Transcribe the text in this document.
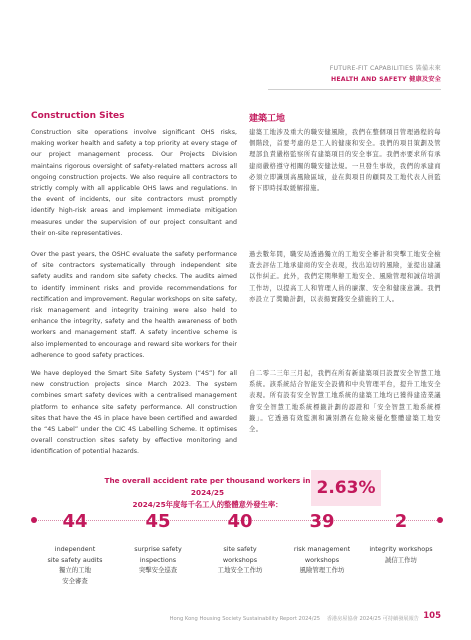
FUTURE-FIT CAPABILITIES 裝備未來
HEALTH AND SAFETY 健康及安全
Construction Sites	建築工地
Construction site operations involve significant OHS risks, making worker health and safety a top priority at every stage of our project management process. Our Projects Division maintains rigorous oversight of safety-related matters across all ongoing construction projects. We also require all contractors to strictly comply with all applicable OHS laws and regulations. In the event of incidents, our site contractors must promptly identify high-risk areas and implement immediate mitigation measures under the supervision of our project consultant and their on-site representatives.
Over the past years, the OSHC evaluate the safety performance of site contractors systematically through independent site safety audits and random site safety checks. The audits aimed to identify imminent risks and provide recommendations for rectification and improvement. Regular workshops on site safety, risk management and integrity training were also held to enhance the integrity, safety and the health awareness of both workers and management staff. A safety incentive scheme is also implemented to encourage and reward site workers for their adherence to good safety practices.
We have deployed the Smart Site Safety System (“4S”) for all new construction projects since March 2023. The system combines smart safety devices with a centralised management platform to enhance site safety performance. All construction sites that have the 4S in place have been certified and awarded the “4S Label” under the CIC 4S Labelling Scheme. It optimises overall construction sites safety by effective monitoring and identification of potential hazards.
建築工地涉及重大的職安健風險，我們在整個項目管理過程的每個階段，首要考慮的是工人的健康和安全。我們的項目策劃及管理部負責嚴格監察所有建築項目的安全事宜。我們亦要求所有承建商嚴格遵守相關的職安健法規。一旦發生事故，我們的承建商必須立即識別高風險區域，並在與項目的顧問及工地代表人員監督下即時採取緩解措施。
過去數年間，職安局透過獨立的工地安全審計和突擊工地安全檢查去評估工地承建商的安全表現，找出迫切的風險，並提出建議以作糾正。此外，我們定期舉辦工地安全、風險管理和誠信培訓工作坊，以提高工人和管理人員的廉潔、安全和健康意識。我們亦設立了獎勵計劃，以表揚實踐安全措施的工人。
自二零二三年三月起，我們在所有新建築項目設置安全智慧工地系統。該系統結合智能安全設備和中央管理平台，提升工地安全表現。所有設有安全智慧工地系統的建築工地均已獲得建造業議會安全智慧工地系統標籤計劃的認證和「安全智慧工地系統標籤」。它透過有效監測和識別潛在危險來優化整體建築工地安全。
The overall accident rate per thousand workers in 2024/25
2024/25年度每千名工人的整體意外發生率：
2.63%
44
independent
site safety audits
獨立的工地安全審查
45
surprise safety
inspections
突擊安全巡查
40
site safety
workshops
工地安全工作坊
39
risk management
workshops
風險管理工作坊
2
integrity workshops
誠信工作坊
Hong Kong Housing Society Sustainability Report 2024/25 香港房屋協會 2024/25 可持續發展報告 105
